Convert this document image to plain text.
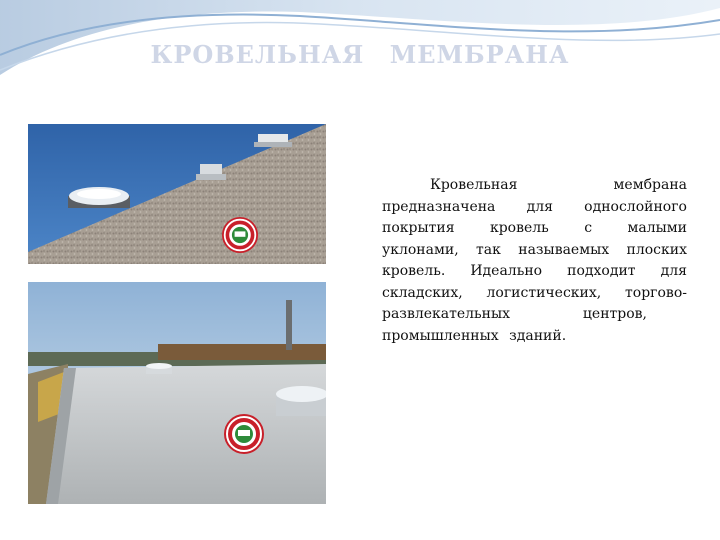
КРОВЕЛЬНАЯ МЕМБРАНА
Кровельная	мембрана
предназначена для однослойного
покрытия	кровель	с	малыми
уклонами, так называемых плоских
кровель. Идеально подходит для
складских, логистических, торгово-
развлекательных	центров,
промышленных зданий.
